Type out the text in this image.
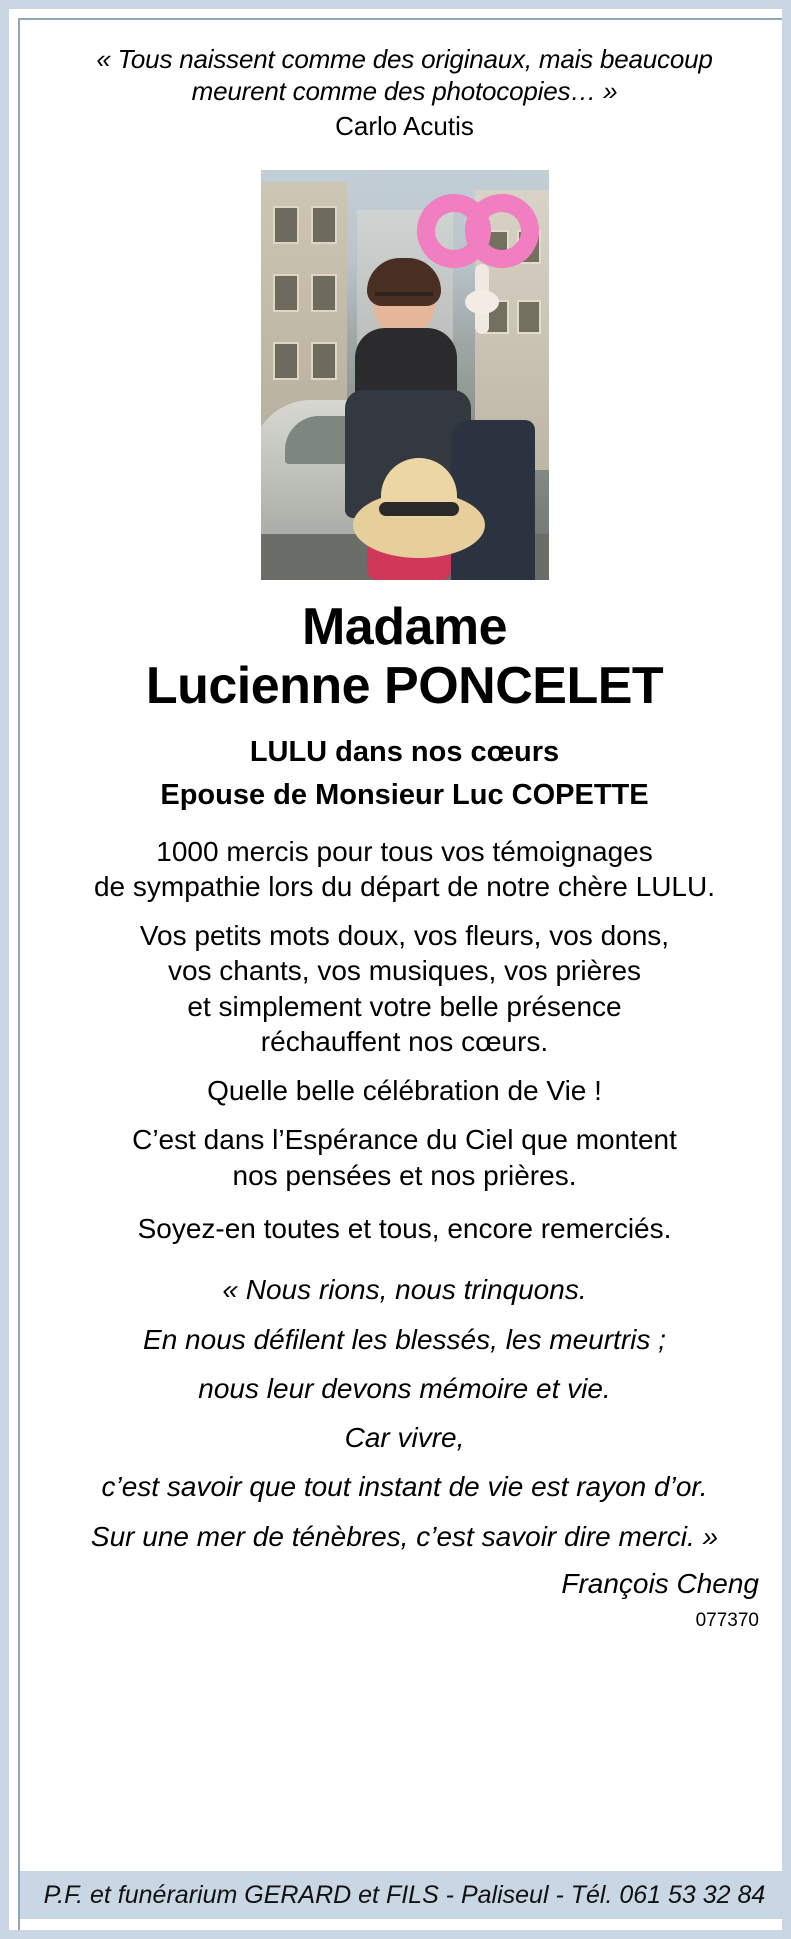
« Tous naissent comme des originaux, mais beaucoup meurent comme des photocopies… »
Carlo Acutis
Madame
Lucienne PONCELET
LULU dans nos cœurs
Epouse de Monsieur Luc COPETTE

1000 mercis pour tous vos témoignages

de sympathie lors du départ de notre chère LULU.

Vos petits mots doux, vos fleurs, vos dons,

vos chants, vos musiques, vos prières

et simplement votre belle présence

réchauffent nos cœurs.

Quelle belle célébration de Vie !

C’est dans l’Espérance du Ciel que montent

nos pensées et nos prières.

Soyez-en toutes et tous, encore remerciés.

« Nous rions, nous trinquons.

En nous défilent les blessés, les meurtris ;

nous leur devons mémoire et vie.

Car vivre,

c’est savoir que tout instant de vie est rayon d’or.

Sur une mer de ténèbres, c’est savoir dire merci. »

François Cheng
077370
P.F. et funérarium GERARD et FILS - Paliseul - Tél. 061 53 32 84
